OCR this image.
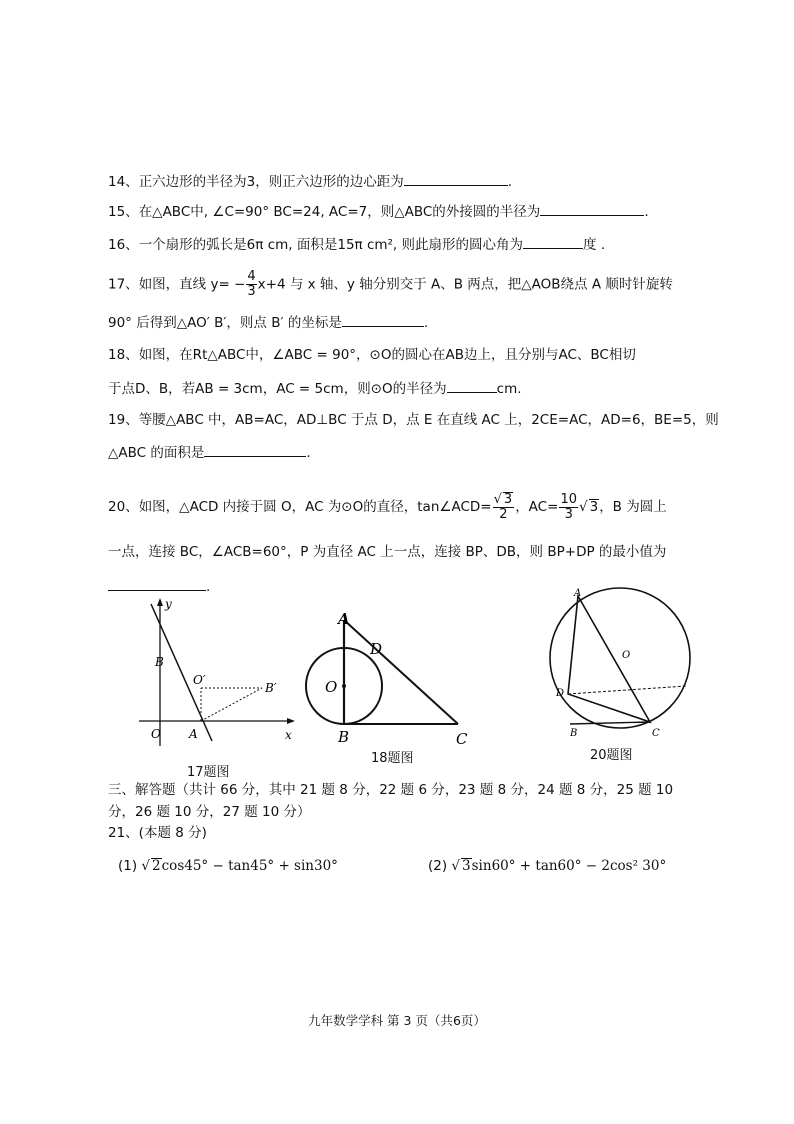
14、正六边形的半径为3，则正六边形的边心距为	.
15、在△ABC中, ∠C=90° BC=24, AC=7，则△ABC的外接圆的半径为	.
16、一个扇形的弧长是6π cm, 面积是15π cm², 则此扇形的圆心角为	度 .
17、如图，直线 $y= - \frac{4}{3} x+4$ 与 x 轴、y 轴分别交于 A、B 两点，把△AOB绕点 A 顺时针旋转
90° 后得到△AO′ B′，则点 B′ 的坐标是	.
18、如图，在Rt△ABC中，∠ABC = 90°，⊙O的圆心在AB边上，且分别与AC、BC相切
于点D、B，若AB = 3cm，AC = 5cm，则⊙O的半径为	cm.
19、等腰△ABC 中，AB=AC，AD⊥BC 于点 D，点 E 在直线 AC 上，2CE=AC，AD=6，BE=5，则
△ABC 的面积是	.
20、如图，△ACD 内接于圆 O，AC 为⊙O的直径，tan∠ACD= $\frac{√ 3}{2}$ ，$AC= \frac{10}{3}$ √ 3，B 为圆上
一点，连接 BC，∠ACB=60°，P 为直径 AC 上一点，连接 BP、DB，则 BP+DP 的最小值为
.
y
x
O A
B
O′
B′
17题图
A
D
O
B	C
18题图
A
O
D
B	C
20题图
三、解答题（共计 66 分，其中 21 题 8 分，22 题 6 分，23 题 8 分，24 题 8 分，25 题 10
分，26 题 10 分，27 题 10 分）
21、(本题 8 分)
(1) √ 2cos45° − tan45° + sin30°	(2) √ 3sin60° + tan60° − 2cos² 30°
九年数学学科 第 3 页（共6页）
